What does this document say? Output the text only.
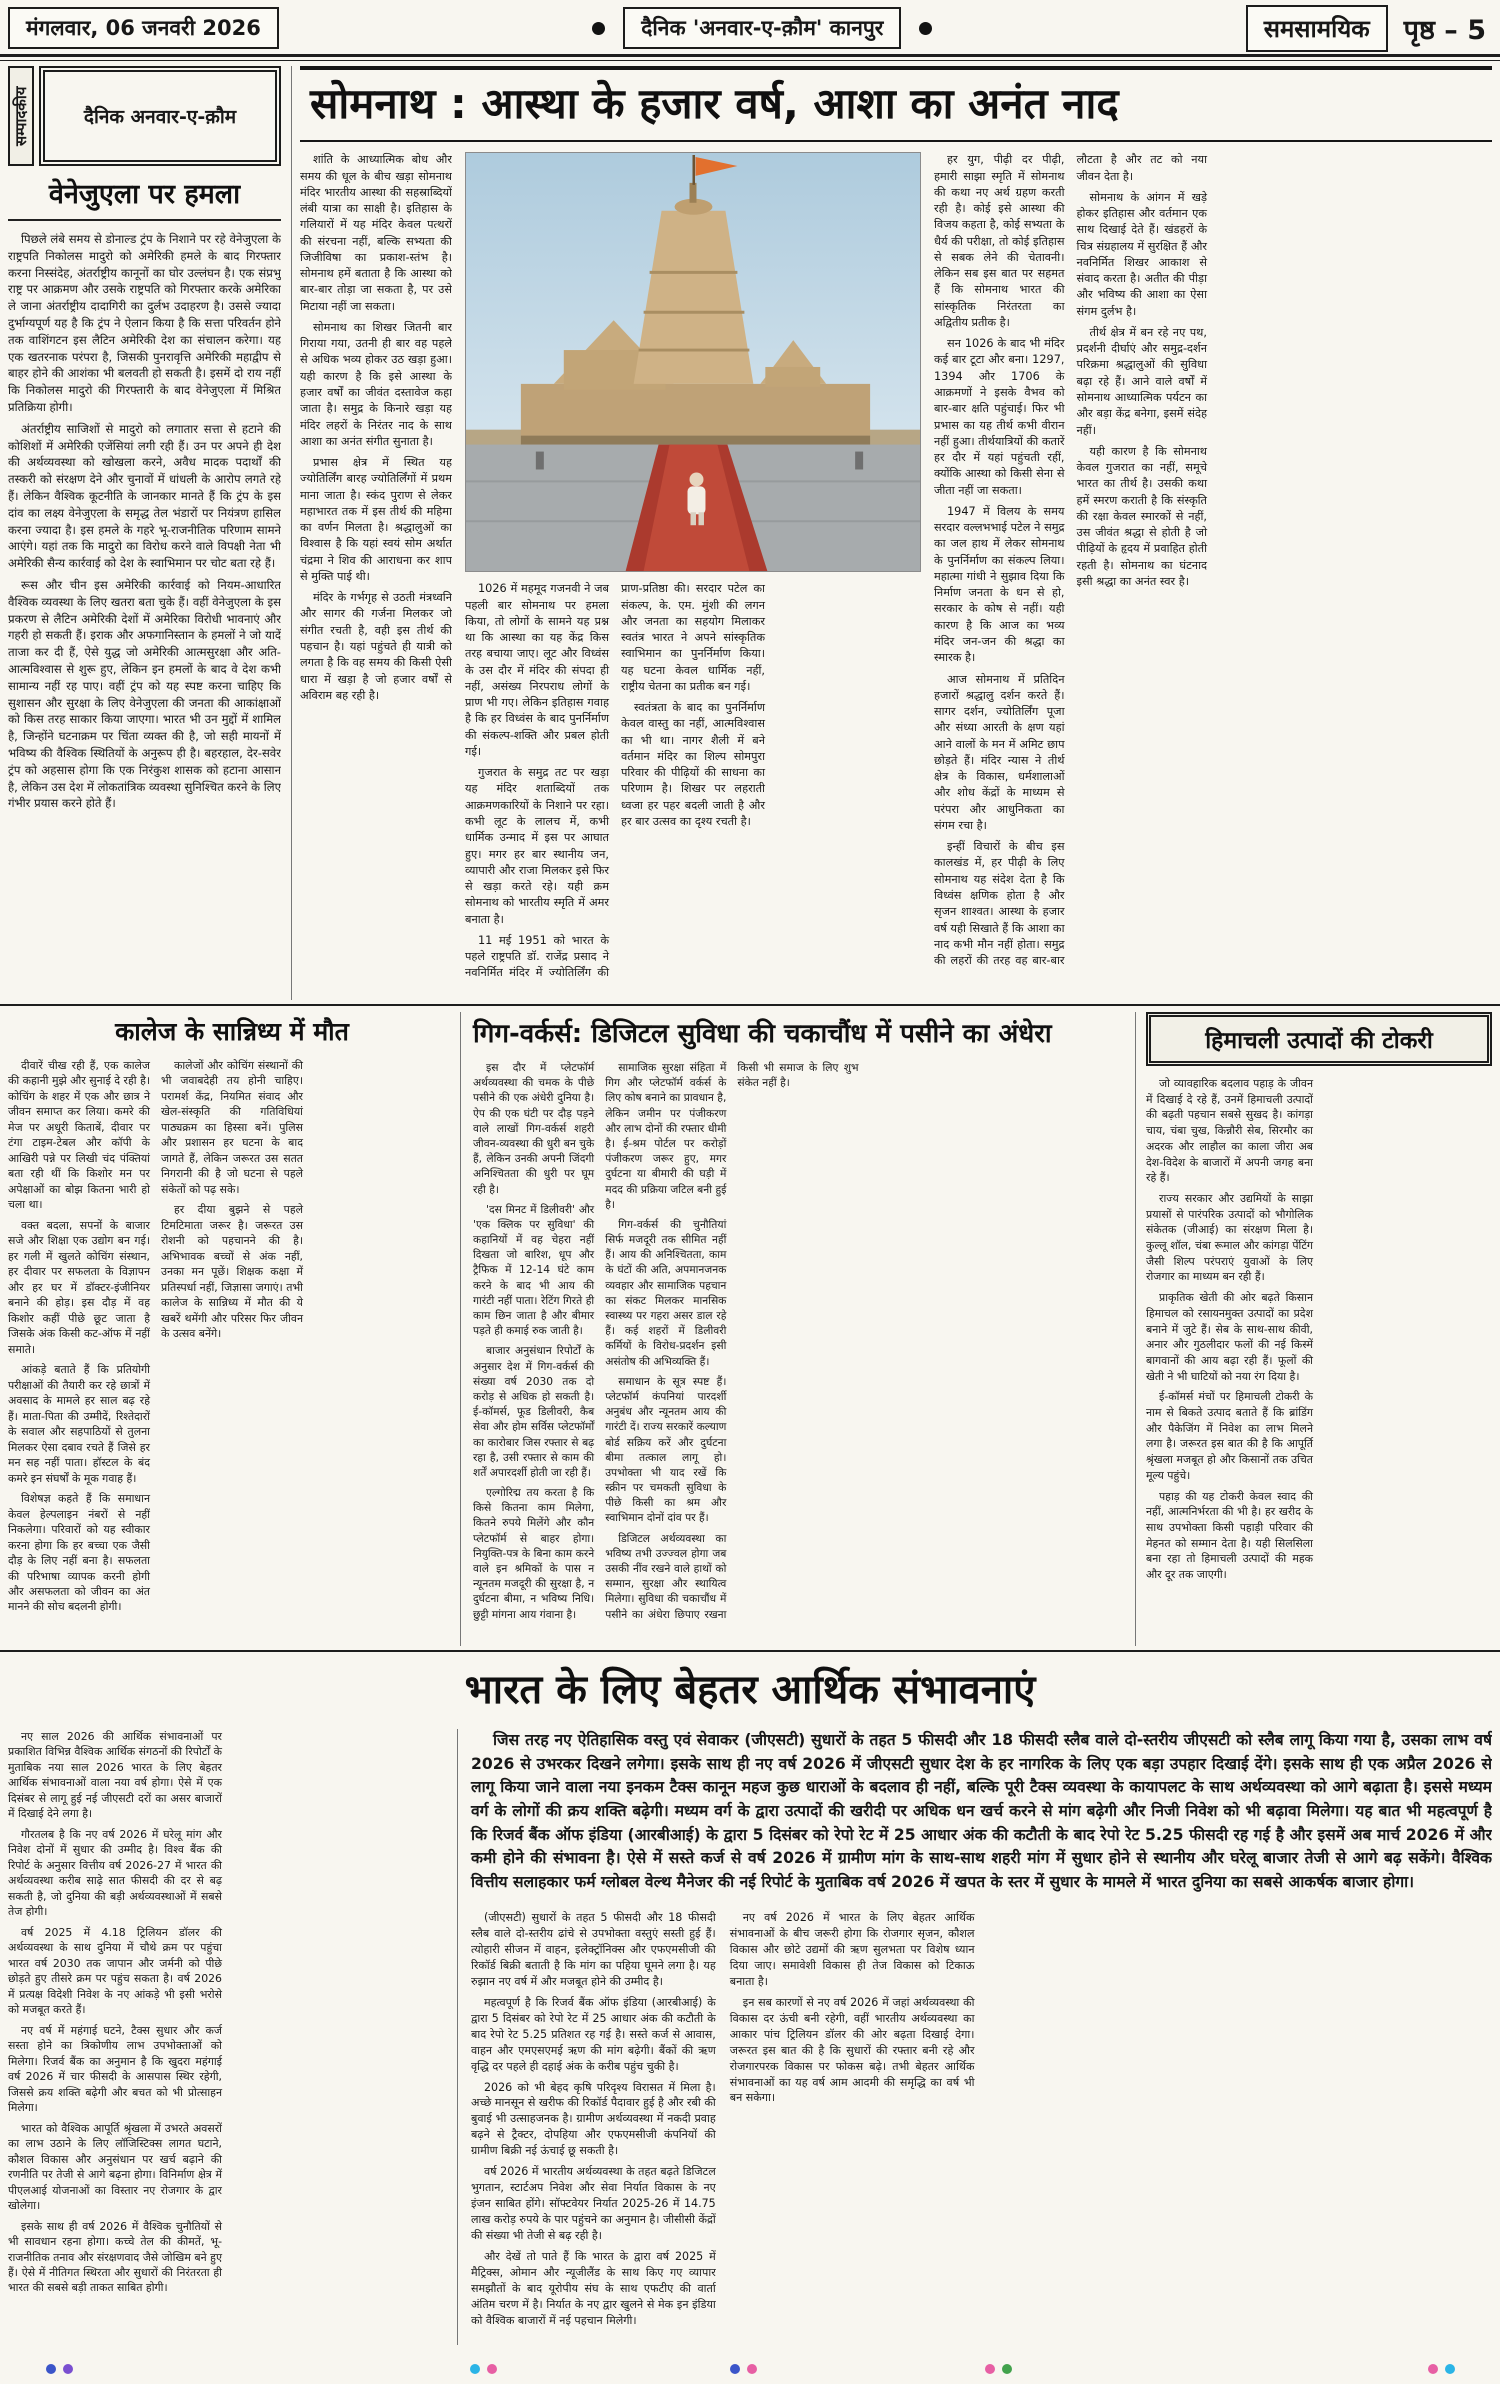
मंगलवार, 06 जनवरी 2026	दैनिक 'अनवार-ए-क़ौम' कानपुर	समसामयिक	पृष्ठ – 5
सम्पादकीय	दैनिक अनवार-ए-क़ौम
वेनेजुएला पर हमला

पिछले लंबे समय से डोनाल्ड ट्रंप के निशाने पर रहे वेनेजुएला के राष्ट्रपति निकोलस मादुरो को अमेरिकी हमले के बाद गिरफ्तार करना निस्संदेह, अंतर्राष्ट्रीय कानूनों का घोर उल्लंघन है। एक संप्रभु राष्ट्र पर आक्रमण और उसके राष्ट्रपति को गिरफ्तार करके अमेरिका ले जाना अंतर्राष्ट्रीय दादागिरी का दुर्लभ उदाहरण है। उससे ज्यादा दुर्भाग्यपूर्ण यह है कि ट्रंप ने ऐलान किया है कि सत्ता परिवर्तन होने तक वाशिंगटन इस लैटिन अमेरिकी देश का संचालन करेगा। यह एक खतरनाक परंपरा है, जिसकी पुनरावृत्ति अमेरिकी महाद्वीप से बाहर होने की आशंका भी बलवती हो सकती है। इसमें दो राय नहीं कि निकोलस मादुरो की गिरफ्तारी के बाद वेनेजुएला में मिश्रित प्रतिक्रिया होगी।

अंतर्राष्ट्रीय साजिशों से मादुरो को लगातार सत्ता से हटाने की कोशिशों में अमेरिकी एजेंसियां लगी रही हैं। उन पर अपने ही देश की अर्थव्यवस्था को खोखला करने, अवैध मादक पदार्थों की तस्करी को संरक्षण देने और चुनावों में धांधली के आरोप लगते रहे हैं। लेकिन वैश्विक कूटनीति के जानकार मानते हैं कि ट्रंप के इस दांव का लक्ष्य वेनेजुएला के समृद्ध तेल भंडारों पर नियंत्रण हासिल करना ज्यादा है। इस हमले के गहरे भू-राजनीतिक परिणाम सामने आएंगे। यहां तक कि मादुरो का विरोध करने वाले विपक्षी नेता भी अमेरिकी सैन्य कार्रवाई को देश के स्वाभिमान पर चोट बता रहे हैं।

रूस और चीन इस अमेरिकी कार्रवाई को नियम-आधारित वैश्विक व्यवस्था के लिए खतरा बता चुके हैं। वहीं वेनेजुएला के इस प्रकरण से लैटिन अमेरिकी देशों में अमेरिका विरोधी भावनाएं और गहरी हो सकती हैं। इराक और अफगानिस्तान के हमलों ने जो यादें ताजा कर दी हैं, ऐसे युद्ध जो अमेरिकी आत्मसुरक्षा और अति-आत्मविश्वास से शुरू हुए, लेकिन इन हमलों के बाद वे देश कभी सामान्य नहीं रह पाए। वहीं ट्रंप को यह स्पष्ट करना चाहिए कि सुशासन और सुरक्षा के लिए वेनेजुएला की जनता की आकांक्षाओं को किस तरह साकार किया जाएगा। भारत भी उन मुद्दों में शामिल है, जिन्होंने घटनाक्रम पर चिंता व्यक्त की है, जो सही मायनों में भविष्य की वैश्विक स्थितियों के अनुरूप ही है। बहरहाल, देर-सवेर ट्रंप को अहसास होगा कि एक निरंकुश शासक को हटाना आसान है, लेकिन उस देश में लोकतांत्रिक व्यवस्था सुनिश्चित करने के लिए गंभीर प्रयास करने होते हैं।

सोमनाथ : आस्था के हजार वर्ष, आशा का अनंत नाद

शांति के आध्यात्मिक बोध और समय की धूल के बीच खड़ा सोमनाथ मंदिर भारतीय आस्था की सहस्राब्दियों लंबी यात्रा का साक्षी है। इतिहास के गलियारों में यह मंदिर केवल पत्थरों की संरचना नहीं, बल्कि सभ्यता की जिजीविषा का प्रकाश-स्तंभ है। सोमनाथ हमें बताता है कि आस्था को बार-बार तोड़ा जा सकता है, पर उसे मिटाया नहीं जा सकता।

सोमनाथ का शिखर जितनी बार गिराया गया, उतनी ही बार वह पहले से अधिक भव्य होकर उठ खड़ा हुआ। यही कारण है कि इसे आस्था के हजार वर्षों का जीवंत दस्तावेज कहा जाता है। समुद्र के किनारे खड़ा यह मंदिर लहरों के निरंतर नाद के साथ आशा का अनंत संगीत सुनाता है।

प्रभास क्षेत्र में स्थित यह ज्योतिर्लिंग बारह ज्योतिर्लिंगों में प्रथम माना जाता है। स्कंद पुराण से लेकर महाभारत तक में इस तीर्थ की महिमा का वर्णन मिलता है। श्रद्धालुओं का विश्वास है कि यहां स्वयं सोम अर्थात चंद्रमा ने शिव की आराधना कर शाप से मुक्ति पाई थी।

मंदिर के गर्भगृह से उठती मंत्रध्वनि और सागर की गर्जना मिलकर जो संगीत रचती है, वही इस तीर्थ की पहचान है। यहां पहुंचते ही यात्री को लगता है कि वह समय की किसी ऐसी धारा में खड़ा है जो हजार वर्षों से अविराम बह रही है।

1026 में महमूद गजनवी ने जब पहली बार सोमनाथ पर हमला किया, तो लोगों के सामने यह प्रश्न था कि आस्था का यह केंद्र किस तरह बचाया जाए। लूट और विध्वंस के उस दौर में मंदिर की संपदा ही नहीं, असंख्य निरपराध लोगों के प्राण भी गए। लेकिन इतिहास गवाह है कि हर विध्वंस के बाद पुनर्निर्माण की संकल्प-शक्ति और प्रबल होती गई।

गुजरात के समुद्र तट पर खड़ा यह मंदिर शताब्दियों तक आक्रमणकारियों के निशाने पर रहा। कभी लूट के लालच में, कभी धार्मिक उन्माद में इस पर आघात हुए। मगर हर बार स्थानीय जन, व्यापारी और राजा मिलकर इसे फिर से खड़ा करते रहे। यही क्रम सोमनाथ को भारतीय स्मृति में अमर बनाता है।

11 मई 1951 को भारत के पहले राष्ट्रपति डॉ. राजेंद्र प्रसाद ने नवनिर्मित मंदिर में ज्योतिर्लिंग की प्राण-प्रतिष्ठा की। सरदार पटेल का संकल्प, के. एम. मुंशी की लगन और जनता का सहयोग मिलाकर स्वतंत्र भारत ने अपने सांस्कृतिक स्वाभिमान का पुनर्निर्माण किया। यह घटना केवल धार्मिक नहीं, राष्ट्रीय चेतना का प्रतीक बन गई।

स्वतंत्रता के बाद का पुनर्निर्माण केवल वास्तु का नहीं, आत्मविश्वास का भी था। नागर शैली में बने वर्तमान मंदिर का शिल्प सोमपुरा परिवार की पीढ़ियों की साधना का परिणाम है। शिखर पर लहराती ध्वजा हर पहर बदली जाती है और हर बार उत्सव का दृश्य रचती है।

हर युग, पीढ़ी दर पीढ़ी, हमारी साझा स्मृति में सोमनाथ की कथा नए अर्थ ग्रहण करती रही है। कोई इसे आस्था की विजय कहता है, कोई सभ्यता के धैर्य की परीक्षा, तो कोई इतिहास से सबक लेने की चेतावनी। लेकिन सब इस बात पर सहमत हैं कि सोमनाथ भारत की सांस्कृतिक निरंतरता का अद्वितीय प्रतीक है।

सन 1026 के बाद भी मंदिर कई बार टूटा और बना। 1297, 1394 और 1706 के आक्रमणों ने इसके वैभव को बार-बार क्षति पहुंचाई। फिर भी प्रभास का यह तीर्थ कभी वीरान नहीं हुआ। तीर्थयात्रियों की कतारें हर दौर में यहां पहुंचती रहीं, क्योंकि आस्था को किसी सेना से जीता नहीं जा सकता।

1947 में विलय के समय सरदार वल्लभभाई पटेल ने समुद्र का जल हाथ में लेकर सोमनाथ के पुनर्निर्माण का संकल्प लिया। महात्मा गांधी ने सुझाव दिया कि निर्माण जनता के धन से हो, सरकार के कोष से नहीं। यही कारण है कि आज का भव्य मंदिर जन-जन की श्रद्धा का स्मारक है।

आज सोमनाथ में प्रतिदिन हजारों श्रद्धालु दर्शन करते हैं। सागर दर्शन, ज्योतिर्लिंग पूजा और संध्या आरती के क्षण यहां आने वालों के मन में अमिट छाप छोड़ते हैं। मंदिर न्यास ने तीर्थ क्षेत्र के विकास, धर्मशालाओं और शोध केंद्रों के माध्यम से परंपरा और आधुनिकता का संगम रचा है।

इन्हीं विचारों के बीच इस कालखंड में, हर पीढ़ी के लिए सोमनाथ यह संदेश देता है कि विध्वंस क्षणिक होता है और सृजन शाश्वत। आस्था के हजार वर्ष यही सिखाते हैं कि आशा का नाद कभी मौन नहीं होता। समुद्र की लहरों की तरह वह बार-बार लौटता है और तट को नया जीवन देता है।

सोमनाथ के आंगन में खड़े होकर इतिहास और वर्तमान एक साथ दिखाई देते हैं। खंडहरों के चित्र संग्रहालय में सुरक्षित हैं और नवनिर्मित शिखर आकाश से संवाद करता है। अतीत की पीड़ा और भविष्य की आशा का ऐसा संगम दुर्लभ है।

तीर्थ क्षेत्र में बन रहे नए पथ, प्रदर्शनी दीर्घाएं और समुद्र-दर्शन परिक्रमा श्रद्धालुओं की सुविधा बढ़ा रहे हैं। आने वाले वर्षों में सोमनाथ आध्यात्मिक पर्यटन का और बड़ा केंद्र बनेगा, इसमें संदेह नहीं।

यही कारण है कि सोमनाथ केवल गुजरात का नहीं, समूचे भारत का तीर्थ है। उसकी कथा हमें स्मरण कराती है कि संस्कृति की रक्षा केवल स्मारकों से नहीं, उस जीवंत श्रद्धा से होती है जो पीढ़ियों के हृदय में प्रवाहित होती रहती है। सोमनाथ का घंटनाद इसी श्रद्धा का अनंत स्वर है।

कालेज के सान्निध्य में मौत

दीवारें चीख रही हैं, एक कालेज की कहानी मुझे और सुनाई दे रही है। कोचिंग के शहर में एक और छात्र ने जीवन समाप्त कर लिया। कमरे की मेज पर अधूरी किताबें, दीवार पर टंगा टाइम-टेबल और कॉपी के आखिरी पन्ने पर लिखी चंद पंक्तियां बता रही थीं कि किशोर मन पर अपेक्षाओं का बोझ कितना भारी हो चला था।

वक्त बदला, सपनों के बाजार सजे और शिक्षा एक उद्योग बन गई। हर गली में खुलते कोचिंग संस्थान, हर दीवार पर सफलता के विज्ञापन और हर घर में डॉक्टर-इंजीनियर बनाने की होड़। इस दौड़ में वह किशोर कहीं पीछे छूट जाता है जिसके अंक किसी कट-ऑफ में नहीं समाते।

आंकड़े बताते हैं कि प्रतियोगी परीक्षाओं की तैयारी कर रहे छात्रों में अवसाद के मामले हर साल बढ़ रहे हैं। माता-पिता की उम्मीदें, रिश्तेदारों के सवाल और सहपाठियों से तुलना मिलकर ऐसा दबाव रचते हैं जिसे हर मन सह नहीं पाता। हॉस्टल के बंद कमरे इन संघर्षों के मूक गवाह हैं।

विशेषज्ञ कहते हैं कि समाधान केवल हेल्पलाइन नंबरों से नहीं निकलेगा। परिवारों को यह स्वीकार करना होगा कि हर बच्चा एक जैसी दौड़ के लिए नहीं बना है। सफलता की परिभाषा व्यापक करनी होगी और असफलता को जीवन का अंत मानने की सोच बदलनी होगी।

कालेजों और कोचिंग संस्थानों की भी जवाबदेही तय होनी चाहिए। परामर्श केंद्र, नियमित संवाद और खेल-संस्कृति की गतिविधियां पाठ्यक्रम का हिस्सा बनें। पुलिस और प्रशासन हर घटना के बाद जागते हैं, लेकिन जरूरत उस सतत निगरानी की है जो घटना से पहले संकेतों को पढ़ सके।

हर दीया बुझने से पहले टिमटिमाता जरूर है। जरूरत उस रोशनी को पहचानने की है। अभिभावक बच्चों से अंक नहीं, उनका मन पूछें। शिक्षक कक्षा में प्रतिस्पर्धा नहीं, जिज्ञासा जगाएं। तभी कालेज के सान्निध्य में मौत की ये खबरें थमेंगी और परिसर फिर जीवन के उत्सव बनेंगे।

गिग-वर्कर्स: डिजिटल सुविधा की चकाचौंध में पसीने का अंधेरा

इस दौर में प्लेटफॉर्म अर्थव्यवस्था की चमक के पीछे पसीने की एक अंधेरी दुनिया है। ऐप की एक घंटी पर दौड़ पड़ने वाले लाखों गिग-वर्कर्स शहरी जीवन-व्यवस्था की धुरी बन चुके हैं, लेकिन उनकी अपनी जिंदगी अनिश्चितता की धुरी पर घूम रही है।

'दस मिनट में डिलीवरी' और 'एक क्लिक पर सुविधा' की कहानियों में वह चेहरा नहीं दिखता जो बारिश, धूप और ट्रैफिक में 12-14 घंटे काम करने के बाद भी आय की गारंटी नहीं पाता। रेटिंग गिरते ही काम छिन जाता है और बीमार पड़ते ही कमाई रुक जाती है।

बाजार अनुसंधान रिपोर्टों के अनुसार देश में गिग-वर्कर्स की संख्या वर्ष 2030 तक दो करोड़ से अधिक हो सकती है। ई-कॉमर्स, फूड डिलीवरी, कैब सेवा और होम सर्विस प्लेटफॉर्मों का कारोबार जिस रफ्तार से बढ़ रहा है, उसी रफ्तार से काम की शर्तें अपारदर्शी होती जा रही हैं।

एल्गोरिद्म तय करता है कि किसे कितना काम मिलेगा, कितने रुपये मिलेंगे और कौन प्लेटफॉर्म से बाहर होगा। नियुक्ति-पत्र के बिना काम करने वाले इन श्रमिकों के पास न न्यूनतम मजदूरी की सुरक्षा है, न दुर्घटना बीमा, न भविष्य निधि। छुट्टी मांगना आय गंवाना है।

सामाजिक सुरक्षा संहिता में गिग और प्लेटफॉर्म वर्कर्स के लिए कोष बनाने का प्रावधान है, लेकिन जमीन पर पंजीकरण और लाभ दोनों की रफ्तार धीमी है। ई-श्रम पोर्टल पर करोड़ों पंजीकरण जरूर हुए, मगर दुर्घटना या बीमारी की घड़ी में मदद की प्रक्रिया जटिल बनी हुई है।

गिग-वर्कर्स की चुनौतियां सिर्फ मजदूरी तक सीमित नहीं हैं। आय की अनिश्चितता, काम के घंटों की अति, अपमानजनक व्यवहार और सामाजिक पहचान का संकट मिलकर मानसिक स्वास्थ्य पर गहरा असर डाल रहे हैं। कई शहरों में डिलीवरी कर्मियों के विरोध-प्रदर्शन इसी असंतोष की अभिव्यक्ति हैं।

समाधान के सूत्र स्पष्ट हैं। प्लेटफॉर्म कंपनियां पारदर्शी अनुबंध और न्यूनतम आय की गारंटी दें। राज्य सरकारें कल्याण बोर्ड सक्रिय करें और दुर्घटना बीमा तत्काल लागू हो। उपभोक्ता भी याद रखें कि स्क्रीन पर चमकती सुविधा के पीछे किसी का श्रम और स्वाभिमान दोनों दांव पर हैं।

डिजिटल अर्थव्यवस्था का भविष्य तभी उज्ज्वल होगा जब उसकी नींव रखने वाले हाथों को सम्मान, सुरक्षा और स्थायित्व मिलेगा। सुविधा की चकाचौंध में पसीने का अंधेरा छिपाए रखना किसी भी समाज के लिए शुभ संकेत नहीं है।

हिमाचली उत्पादों की टोकरी

जो व्यावहारिक बदलाव पहाड़ के जीवन में दिखाई दे रहे हैं, उनमें हिमाचली उत्पादों की बढ़ती पहचान सबसे सुखद है। कांगड़ा चाय, चंबा चुख, किन्नौरी सेब, सिरमौर का अदरक और लाहौल का काला जीरा अब देश-विदेश के बाजारों में अपनी जगह बना रहे हैं।

राज्य सरकार और उद्यमियों के साझा प्रयासों से पारंपरिक उत्पादों को भौगोलिक संकेतक (जीआई) का संरक्षण मिला है। कुल्लू शॉल, चंबा रूमाल और कांगड़ा पेंटिंग जैसी शिल्प परंपराएं युवाओं के लिए रोजगार का माध्यम बन रही हैं।

प्राकृतिक खेती की ओर बढ़ते किसान हिमाचल को रसायनमुक्त उत्पादों का प्रदेश बनाने में जुटे हैं। सेब के साथ-साथ कीवी, अनार और गुठलीदार फलों की नई किस्में बागवानों की आय बढ़ा रही हैं। फूलों की खेती ने भी घाटियों को नया रंग दिया है।

ई-कॉमर्स मंचों पर हिमाचली टोकरी के नाम से बिकते उत्पाद बताते हैं कि ब्रांडिंग और पैकेजिंग में निवेश का लाभ मिलने लगा है। जरूरत इस बात की है कि आपूर्ति श्रृंखला मजबूत हो और किसानों तक उचित मूल्य पहुंचे।

पहाड़ की यह टोकरी केवल स्वाद की नहीं, आत्मनिर्भरता की भी है। हर खरीद के साथ उपभोक्ता किसी पहाड़ी परिवार की मेहनत को सम्मान देता है। यही सिलसिला बना रहा तो हिमाचली उत्पादों की महक और दूर तक जाएगी।

भारत के लिए बेहतर आर्थिक संभावनाएं

नए साल 2026 की आर्थिक संभावनाओं पर प्रकाशित विभिन्न वैश्विक आर्थिक संगठनों की रिपोर्टों के मुताबिक नया साल 2026 भारत के लिए बेहतर आर्थिक संभावनाओं वाला नया वर्ष होगा। ऐसे में एक दिसंबर से लागू हुई नई जीएसटी दरों का असर बाजारों में दिखाई देने लगा है।

गौरतलब है कि नए वर्ष 2026 में घरेलू मांग और निवेश दोनों में सुधार की उम्मीद है। विश्व बैंक की रिपोर्ट के अनुसार वित्तीय वर्ष 2026-27 में भारत की अर्थव्यवस्था करीब साढ़े सात फीसदी की दर से बढ़ सकती है, जो दुनिया की बड़ी अर्थव्यवस्थाओं में सबसे तेज होगी।

वर्ष 2025 में 4.18 ट्रिलियन डॉलर की अर्थव्यवस्था के साथ दुनिया में चौथे क्रम पर पहुंचा भारत वर्ष 2030 तक जापान और जर्मनी को पीछे छोड़ते हुए तीसरे क्रम पर पहुंच सकता है। वर्ष 2026 में प्रत्यक्ष विदेशी निवेश के नए आंकड़े भी इसी भरोसे को मजबूत करते हैं।

नए वर्ष में महंगाई घटने, टैक्स सुधार और कर्ज सस्ता होने का त्रिकोणीय लाभ उपभोक्ताओं को मिलेगा। रिजर्व बैंक का अनुमान है कि खुदरा महंगाई वर्ष 2026 में चार फीसदी के आसपास स्थिर रहेगी, जिससे क्रय शक्ति बढ़ेगी और बचत को भी प्रोत्साहन मिलेगा।

भारत को वैश्विक आपूर्ति श्रृंखला में उभरते अवसरों का लाभ उठाने के लिए लॉजिस्टिक्स लागत घटाने, कौशल विकास और अनुसंधान पर खर्च बढ़ाने की रणनीति पर तेजी से आगे बढ़ना होगा। विनिर्माण क्षेत्र में पीएलआई योजनाओं का विस्तार नए रोजगार के द्वार खोलेगा।

इसके साथ ही वर्ष 2026 में वैश्विक चुनौतियों से भी सावधान रहना होगा। कच्चे तेल की कीमतें, भू-राजनीतिक तनाव और संरक्षणवाद जैसे जोखिम बने हुए हैं। ऐसे में नीतिगत स्थिरता और सुधारों की निरंतरता ही भारत की सबसे बड़ी ताकत साबित होगी।

जिस तरह नए ऐतिहासिक वस्तु एवं सेवाकर (जीएसटी) सुधारों के तहत 5 फीसदी और 18 फीसदी स्लैब वाले दो-स्तरीय जीएसटी को स्लैब लागू किया गया है, उसका लाभ वर्ष 2026 से उभरकर दिखने लगेगा। इसके साथ ही नए वर्ष 2026 में जीएसटी सुधार देश के हर नागरिक के लिए एक बड़ा उपहार दिखाई देंगे। इसके साथ ही एक अप्रैल 2026 से लागू किया जाने वाला नया इनकम टैक्स कानून महज कुछ धाराओं के बदलाव ही नहीं, बल्कि पूरी टैक्स व्यवस्था के कायापलट के साथ अर्थव्यवस्था को आगे बढ़ाता है। इससे मध्यम वर्ग के लोगों की क्रय शक्ति बढ़ेगी। मध्यम वर्ग के द्वारा उत्पादों की खरीदी पर अधिक धन खर्च करने से मांग बढ़ेगी और निजी निवेश को भी बढ़ावा मिलेगा। यह बात भी महत्वपूर्ण है कि रिजर्व बैंक ऑफ इंडिया (आरबीआई) के द्वारा 5 दिसंबर को रेपो रेट में 25 आधार अंक की कटौती के बाद रेपो रेट 5.25 फीसदी रह गई है और इसमें अब मार्च 2026 में और कमी होने की संभावना है। ऐसे में सस्ते कर्ज से वर्ष 2026 में ग्रामीण मांग के साथ-साथ शहरी मांग में सुधार होने से स्थानीय और घरेलू बाजार तेजी से आगे बढ़ सकेंगे। वैश्विक वित्तीय सलाहकार फर्म ग्लोबल वेल्थ मैनेजर की नई रिपोर्ट के मुताबिक वर्ष 2026 में खपत के स्तर में सुधार के मामले में भारत दुनिया का सबसे आकर्षक बाजार होगा।

(जीएसटी) सुधारों के तहत 5 फीसदी और 18 फीसदी स्लैब वाले दो-स्तरीय ढांचे से उपभोक्ता वस्तुएं सस्ती हुई हैं। त्योहारी सीजन में वाहन, इलेक्ट्रॉनिक्स और एफएमसीजी की रिकॉर्ड बिक्री बताती है कि मांग का पहिया घूमने लगा है। यह रुझान नए वर्ष में और मजबूत होने की उम्मीद है।

महत्वपूर्ण है कि रिजर्व बैंक ऑफ इंडिया (आरबीआई) के द्वारा 5 दिसंबर को रेपो रेट में 25 आधार अंक की कटौती के बाद रेपो रेट 5.25 प्रतिशत रह गई है। सस्ते कर्ज से आवास, वाहन और एमएसएमई ऋण की मांग बढ़ेगी। बैंकों की ऋण वृद्धि दर पहले ही दहाई अंक के करीब पहुंच चुकी है।

2026 को भी बेहद कृषि परिदृश्य विरासत में मिला है। अच्छे मानसून से खरीफ की रिकॉर्ड पैदावार हुई है और रबी की बुवाई भी उत्साहजनक है। ग्रामीण अर्थव्यवस्था में नकदी प्रवाह बढ़ने से ट्रैक्टर, दोपहिया और एफएमसीजी कंपनियों की ग्रामीण बिक्री नई ऊंचाई छू सकती है।

वर्ष 2026 में भारतीय अर्थव्यवस्था के तहत बढ़ते डिजिटल भुगतान, स्टार्टअप निवेश और सेवा निर्यात विकास के नए इंजन साबित होंगे। सॉफ्टवेयर निर्यात 2025-26 में 14.75 लाख करोड़ रुपये के पार पहुंचने का अनुमान है। जीसीसी केंद्रों की संख्या भी तेजी से बढ़ रही है।

और देखें तो पाते हैं कि भारत के द्वारा वर्ष 2025 में मैट्रिक्स, ओमान और न्यूजीलैंड के साथ किए गए व्यापार समझौतों के बाद यूरोपीय संघ के साथ एफटीए की वार्ता अंतिम चरण में है। निर्यात के नए द्वार खुलने से मेक इन इंडिया को वैश्विक बाजारों में नई पहचान मिलेगी।

नए वर्ष 2026 में भारत के लिए बेहतर आर्थिक संभावनाओं के बीच जरूरी होगा कि रोजगार सृजन, कौशल विकास और छोटे उद्यमों की ऋण सुलभता पर विशेष ध्यान दिया जाए। समावेशी विकास ही तेज विकास को टिकाऊ बनाता है।

इन सब कारणों से नए वर्ष 2026 में जहां अर्थव्यवस्था की विकास दर ऊंची बनी रहेगी, वहीं भारतीय अर्थव्यवस्था का आकार पांच ट्रिलियन डॉलर की ओर बढ़ता दिखाई देगा। जरूरत इस बात की है कि सुधारों की रफ्तार बनी रहे और रोजगारपरक विकास पर फोकस बढ़े। तभी बेहतर आर्थिक संभावनाओं का यह वर्ष आम आदमी की समृद्धि का वर्ष भी बन सकेगा।
